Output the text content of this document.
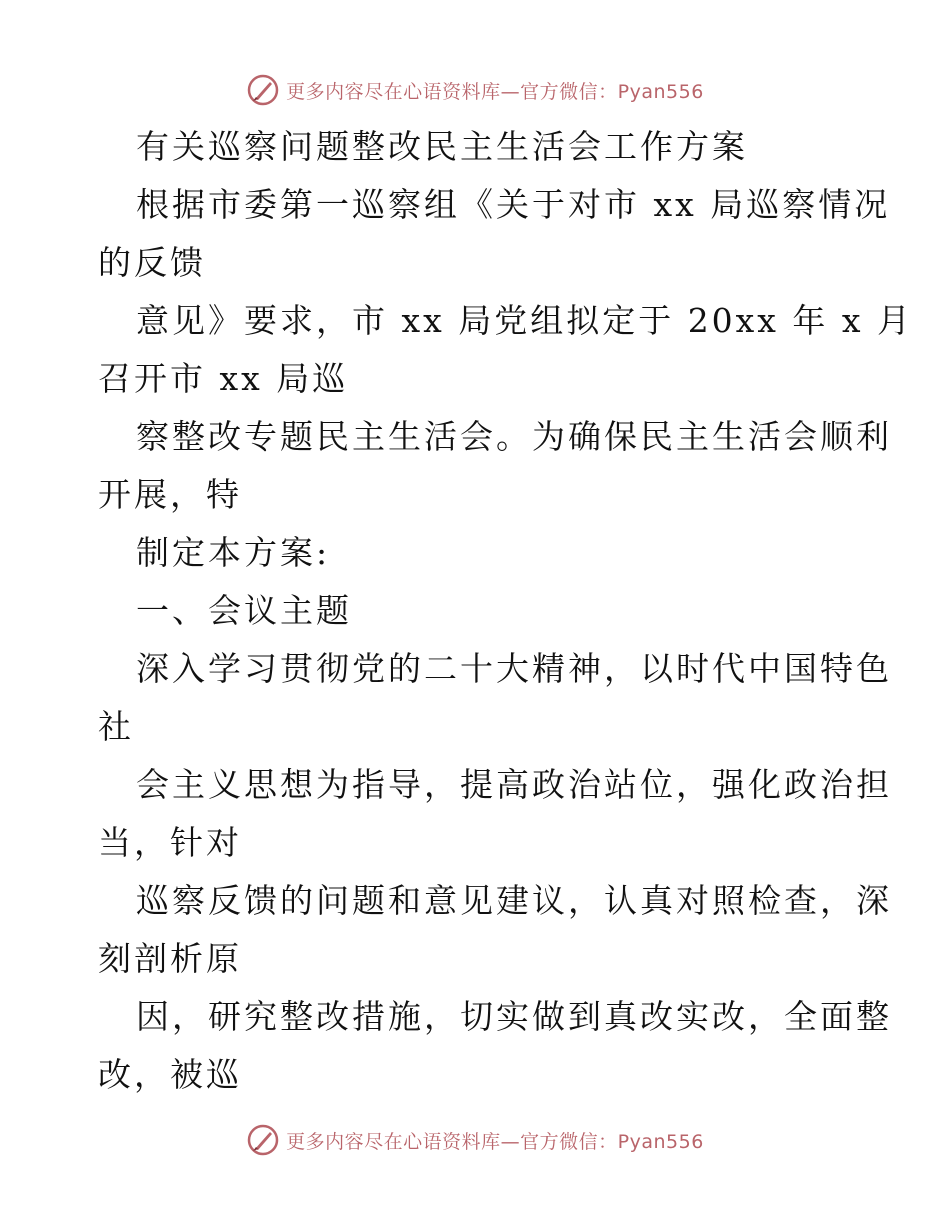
更多内容尽在心语资料库—官方微信：Pyan556
有关巡察问题整改民主生活会工作方案
根据市委第一巡察组《关于对市 xx 局巡察情况
的反馈
意见》要求，市 xx 局党组拟定于 20xx 年 x 月
召开市 xx 局巡
察整改专题民主生活会。为确保民主生活会顺利
开展，特
制定本方案:
一、会议主题
深入学习贯彻党的二十大精神，以时代中国特色
社
会主义思想为指导，提高政治站位，强化政治担
当，针对
巡察反馈的问题和意见建议，认真对照检查，深
刻剖析原
因，研究整改措施，切实做到真改实改，全面整
改，被巡
更多内容尽在心语资料库—官方微信：Pyan556
